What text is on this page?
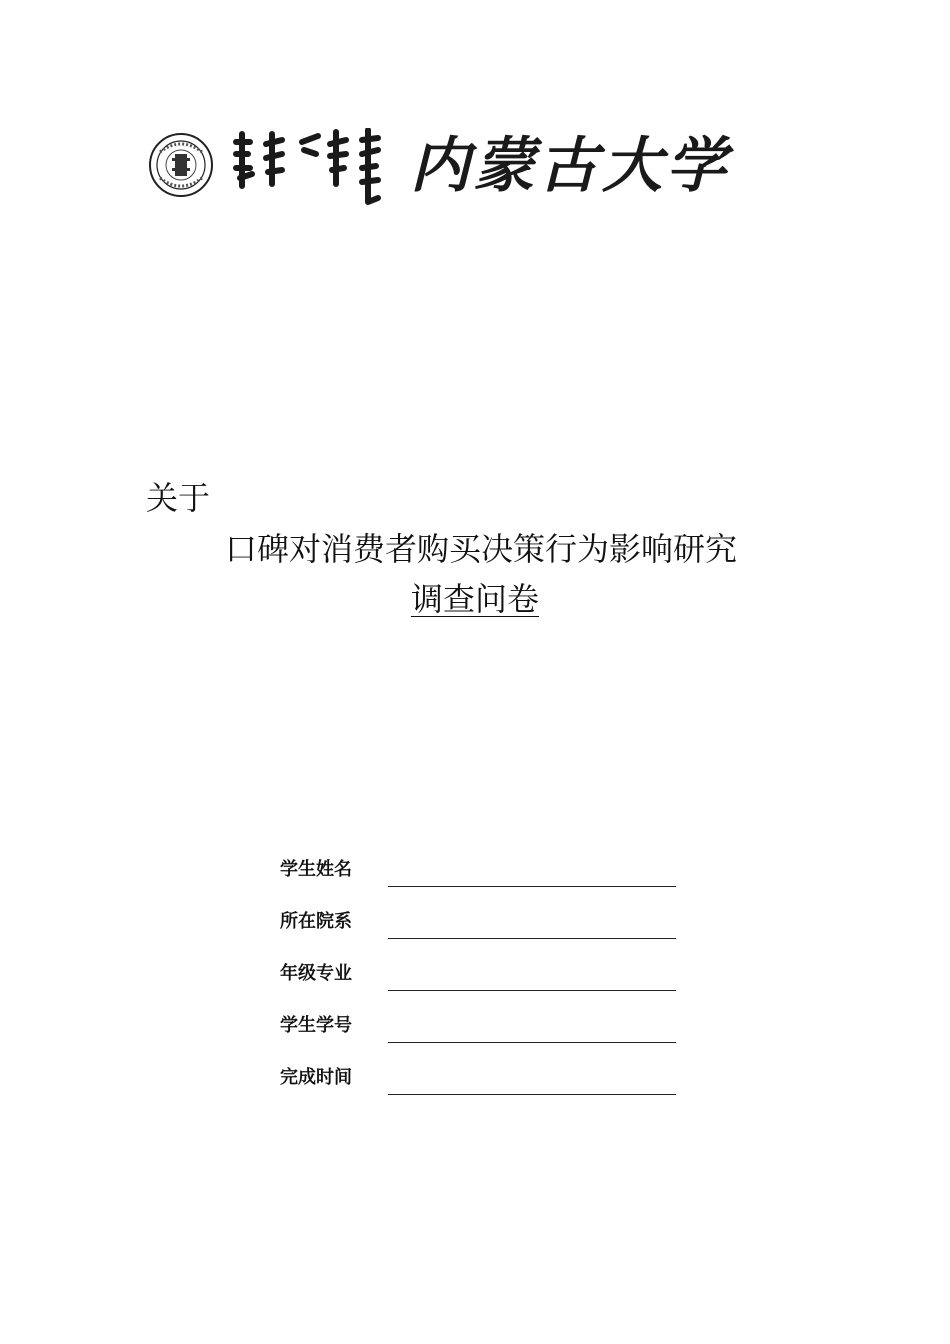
内蒙古大学
关于
口碑对消费者购买决策行为影响研究
调查问卷
学生姓名
所在院系
年级专业
学生学号
完成时间
